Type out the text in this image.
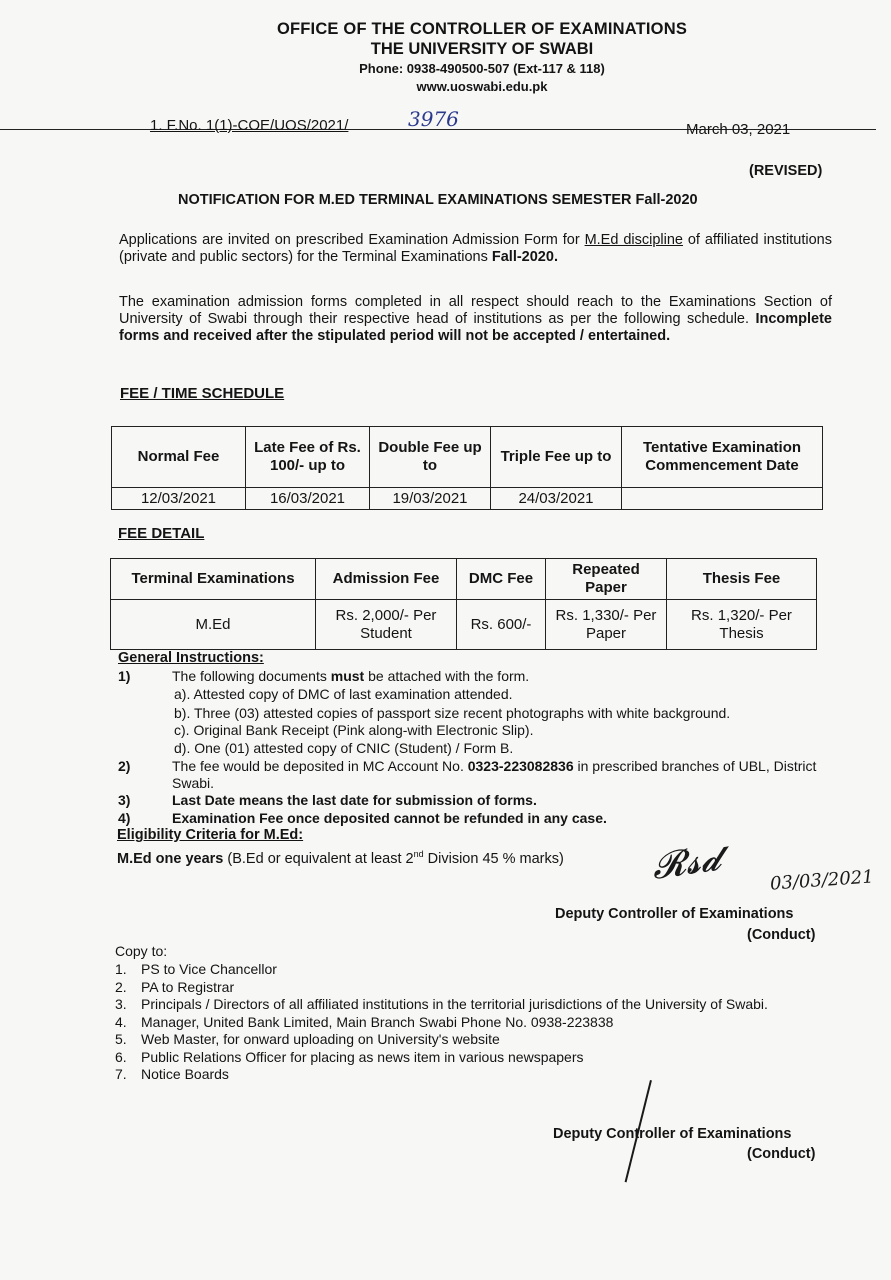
OFFICE OF THE CONTROLLER OF EXAMINATIONS
THE UNIVERSITY OF SWABI
Phone: 0938-490500-507 (Ext-117 & 118)
www.uoswabi.edu.pk
1. F.No. 1(1)-COE/UOS/2021/	3976	March 03, 2021
(REVISED)
NOTIFICATION FOR M.ED TERMINAL EXAMINATIONS SEMESTER Fall-2020
Applications are invited on prescribed Examination Admission Form for M.Ed discipline of affiliated institutions (private and public sectors) for the Terminal Examinations Fall-2020.
The examination admission forms completed in all respect should reach to the Examinations Section of University of Swabi through their respective head of institutions as per the following schedule. Incomplete forms and received after the stipulated period will not be accepted / entertained.
FEE / TIME SCHEDULE
Normal Fee	Late Fee of Rs. 100/- up to	Double Fee up to	Triple Fee up to	Tentative Examination Commencement Date
12/03/2021	16/03/2021	19/03/2021	24/03/2021	
FEE DETAIL
Terminal Examinations	Admission Fee	DMC Fee	Repeated Paper	Thesis Fee
M.Ed	Rs. 2,000/- Per Student	Rs. 600/-	Rs. 1,330/- Per Paper	Rs. 1,320/- Per Thesis
General Instructions:
1)	The following documents must be attached with the form.
a). Attested copy of DMC of last examination attended.
b). Three (03) attested copies of passport size recent photographs with white background.
c). Original Bank Receipt (Pink along-with Electronic Slip).
d). One (01) attested copy of CNIC (Student) / Form B.
2)	The fee would be deposited in MC Account No. 0323-223082836 in prescribed branches of UBL, District Swabi.
3)	Last Date means the last date for submission of forms.
4)	Examination Fee once deposited cannot be refunded in any case.
Eligibility Criteria for M.Ed:
M.Ed one years (B.Ed or equivalent at least 2nd Division 45 % marks) 𝓡𝓼𝓭	03/03/2021
Deputy Controller of Examinations
(Conduct)
Copy to:
1. PS to Vice Chancellor
2. PA to Registrar
3. Principals / Directors of all affiliated institutions in the territorial jurisdictions of the University of Swabi.
4. Manager, United Bank Limited, Main Branch Swabi Phone No. 0938-223838
5. Web Master, for onward uploading on University's website
6. Public Relations Officer for placing as news item in various newspapers
7. Notice Boards
Deputy Controller of Examinations
(Conduct)
